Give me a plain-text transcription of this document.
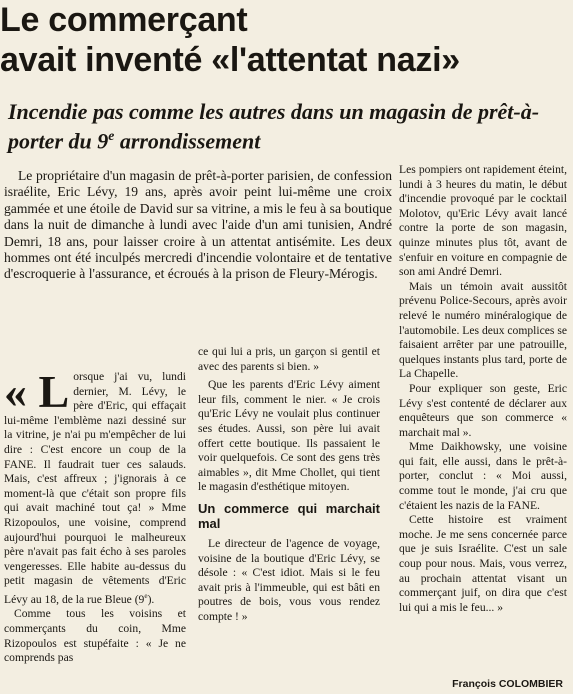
Le commerçant
avait inventé «l'attentat nazi»
Incendie pas comme les autres dans un magasin de prêt-à-porter du 9e arrondissement

Le propriétaire d'un magasin de prêt-à-porter parisien, de confession israélite, Eric Lévy, 19 ans, après avoir peint lui-même une croix gammée et une étoile de David sur sa vitrine, a mis le feu à sa boutique dans la nuit de dimanche à lundi avec l'aide d'un ami tunisien, André Demri, 18 ans, pour laisser croire à un attentat antisémite. Les deux hommes ont été inculpés mercredi d'incendie volontaire et de tentative d'escroquerie à l'assurance, et écroués à la prison de Fleury-Mérogis.

« L orsque j'ai vu, lundi dernier, M. Lévy, le père d'Eric, qui effaçait lui-même l'emblème nazi dessiné sur la vitrine, je n'ai pu m'empêcher de lui dire : C'est encore un coup de la FANE. Il faudrait tuer ces salauds. Mais, c'est affreux ; j'ignorais à ce moment-là que c'était son propre fils qui avait machiné tout ça! » Mme Rizopoulos, une voisine, comprend aujourd'hui pourquoi le malheureux père n'avait pas fait écho à ses paroles vengeresses. Elle habite au-dessus du petit magasin de vêtements d'Eric Lévy au 18, de la rue Bleue (9e).

Comme tous les voisins et commerçants du coin, Mme Rizopoulos est stupéfaite : « Je ne comprends pas

ce qui lui a pris, un garçon si gentil et avec des parents si bien. »

Que les parents d'Eric Lévy aiment leur fils, comment le nier. « Je crois qu'Eric Lévy ne voulait plus continuer ses études. Aussi, son père lui avait offert cette boutique. Ils passaient le voir quelquefois. Ce sont des gens très aimables », dit Mme Chollet, qui tient le magasin d'esthétique mitoyen.

Un commerce qui marchait mal

Le directeur de l'agence de voyage, voisine de la boutique d'Eric Lévy, se désole : « C'est idiot. Mais si le feu avait pris à l'immeuble, qui est bâti en poutres de bois, vous vous rendez compte ! »

Les pompiers ont rapidement éteint, lundi à 3 heures du matin, le début d'incendie provoqué par le cocktail Molotov, qu'Eric Lévy avait lancé contre la porte de son magasin, quinze minutes plus tôt, avant de s'enfuir en voiture en compagnie de son ami André Demri.

Mais un témoin avait aussitôt prévenu Police-Secours, après avoir relevé le numéro minéralogique de l'automobile. Les deux complices se faisaient arrêter par une patrouille, quelques instants plus tard, porte de La Chapelle.

Pour expliquer son geste, Eric Lévy s'est contenté de déclarer aux enquêteurs que son commerce « marchait mal ».

Mme Daikhowsky, une voisine qui fait, elle aussi, dans le prêt-à-porter, conclut : « Moi aussi, comme tout le monde, j'ai cru que c'étaient les nazis de la FANE.

Cette histoire est vraiment moche. Je me sens concernée parce que je suis Israélite. C'est un sale coup pour nous. Mais, vous verrez, au prochain attentat visant un commerçant juif, on dira que c'est lui qui a mis le feu... »

François COLOMBIER
